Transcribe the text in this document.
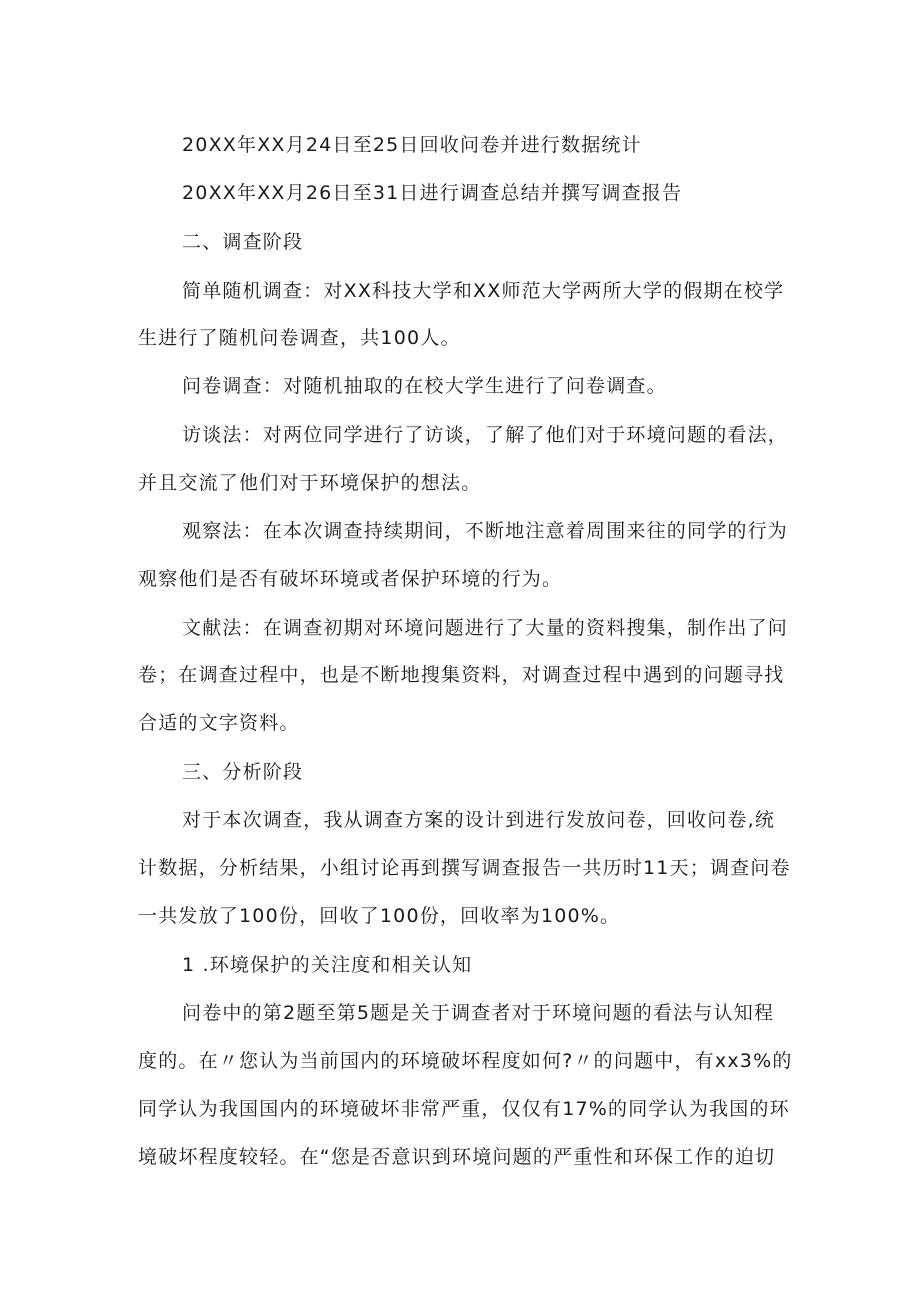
20XX年XX月24日至25日回收问卷并进行数据统计
20XX年XX月26日至31日进行调查总结并撰写调查报告
二、调查阶段
简单随机调查：对XX科技大学和XX师范大学两所大学的假期在校学
生进行了随机问卷调查，共100人。
问卷调查：对随机抽取的在校大学生进行了问卷调查。
访谈法：对两位同学进行了访谈，了解了他们对于环境问题的看法，
并且交流了他们对于环境保护的想法。
观察法：在本次调查持续期间，不断地注意着周围来往的同学的行为
观察他们是否有破坏环境或者保护环境的行为。
文献法：在调查初期对环境问题进行了大量的资料搜集，制作出了问
卷；在调查过程中，也是不断地搜集资料，对调查过程中遇到的问题寻找
合适的文字资料。
三、分析阶段
对于本次调查，我从调查方案的设计到进行发放问卷，回收问卷,统
计数据，分析结果，小组讨论再到撰写调查报告一共历时11天；调查问卷
一共发放了100份，回收了100份，回收率为100%。
1 .环境保护的关注度和相关认知
问卷中的第2题至第5题是关于调查者对于环境问题的看法与认知程
度的。在〃您认为当前国内的环境破坏程度如何?〃的问题中，有xx3%的
同学认为我国国内的环境破坏非常严重，仅仅有17%的同学认为我国的环
境破坏程度较轻。在“您是否意识到环境问题的严重性和环保工作的迫切
